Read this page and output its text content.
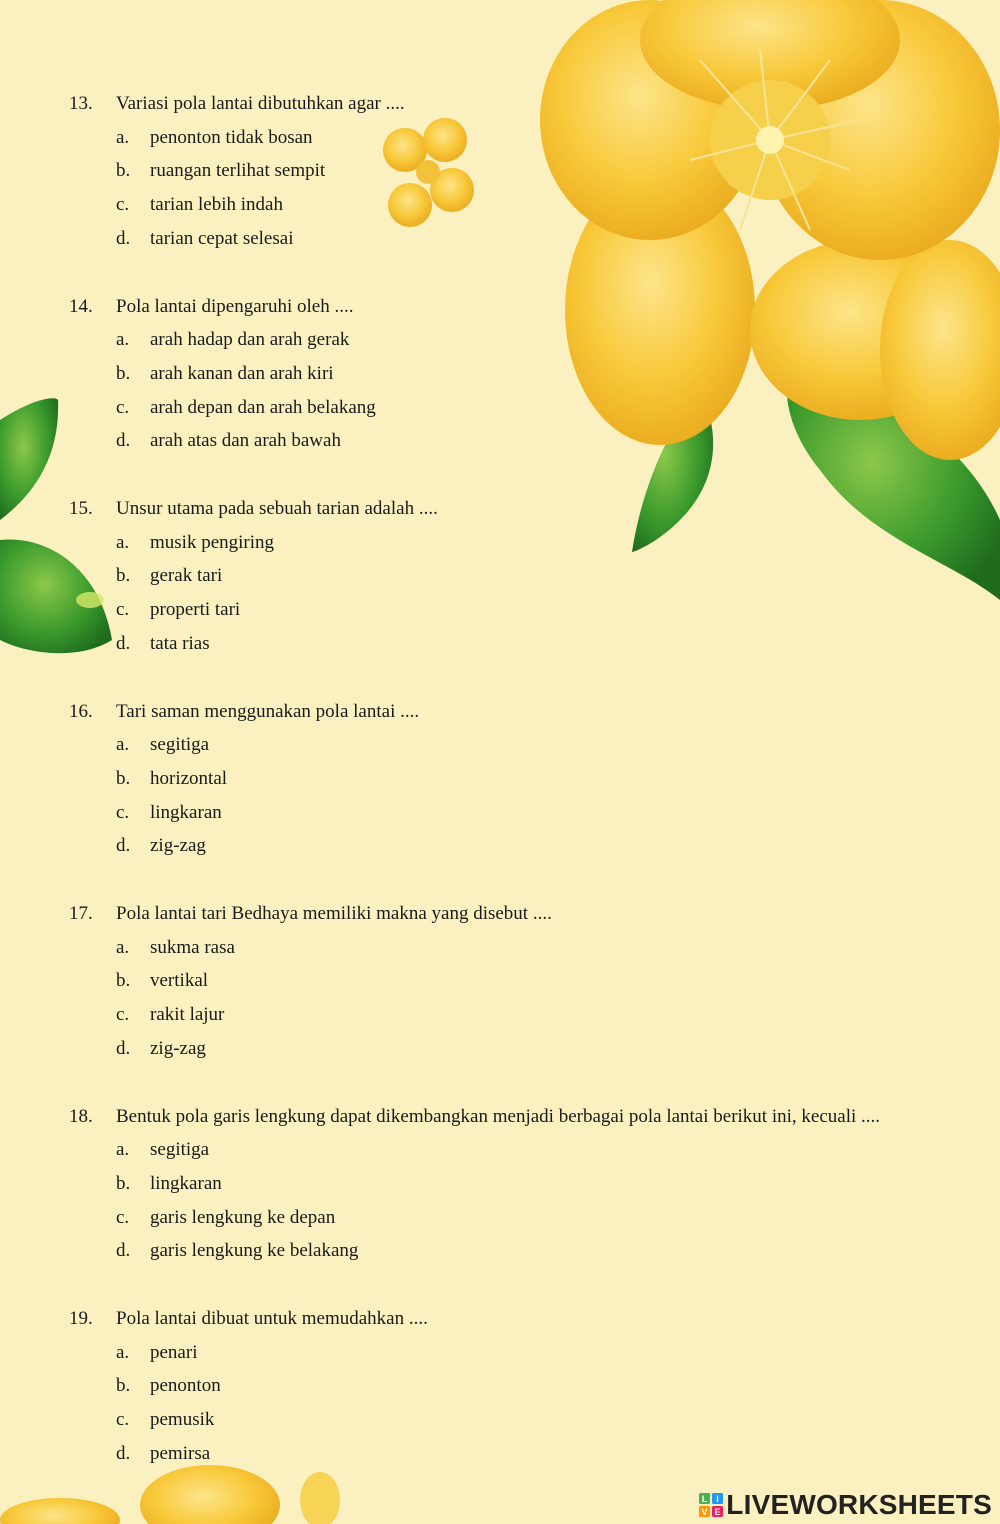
13. Variasi pola lantai dibutuhkan agar ....
a. penonton tidak bosan
b. ruangan terlihat sempit
c. tarian lebih indah
d. tarian cepat selesai
14. Pola lantai dipengaruhi oleh ....
a. arah hadap dan arah gerak
b. arah kanan dan arah kiri
c. arah depan dan arah belakang
d. arah atas dan arah bawah
15. Unsur utama pada sebuah tarian adalah ....
a. musik pengiring
b. gerak tari
c. properti tari
d. tata rias
16. Tari saman menggunakan pola lantai ....
a. segitiga
b. horizontal
c. lingkaran
d. zig-zag
17. Pola lantai tari Bedhaya memiliki makna yang disebut ....
a. sukma rasa
b. vertikal
c. rakit lajur
d. zig-zag
18. Bentuk pola garis lengkung dapat dikembangkan menjadi berbagai pola lantai berikut ini, kecuali ....
a. segitiga
b. lingkaran
c. garis lengkung ke depan
d. garis lengkung ke belakang
19. Pola lantai dibuat untuk memudahkan ....
a. penari
b. penonton
c. pemusik
d. pemirsa
L I
V E LIVEWORKSHEETS
